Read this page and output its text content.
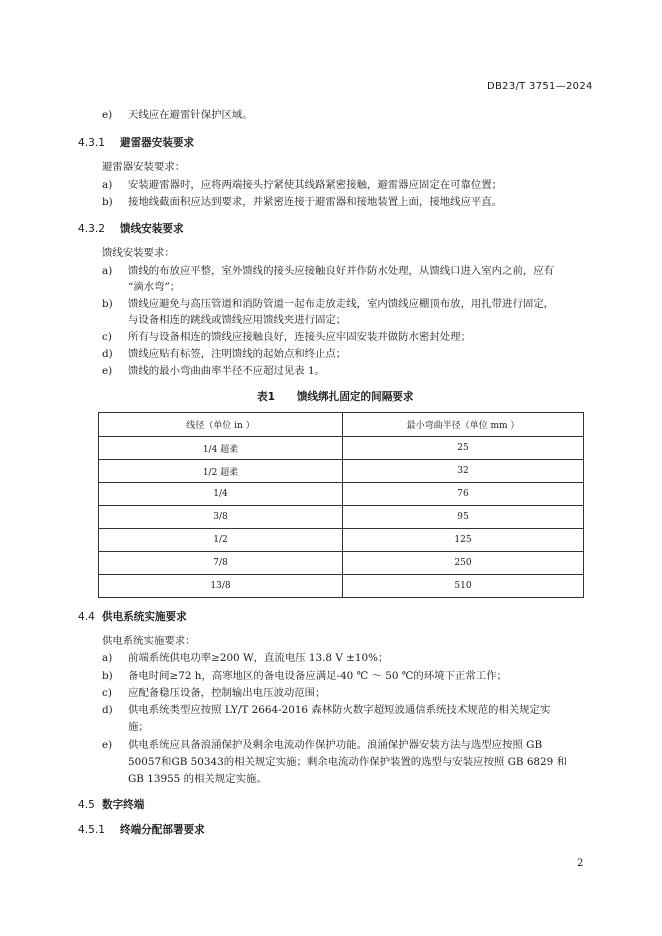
DB23/T 3751—2024
e) 天线应在避雷针保护区域。
4.3.1 避雷器安装要求
避雷器安装要求：
a) 安装避雷器时，应将两端接头拧紧使其线路紧密接触，避雷器应固定在可靠位置；
b) 接地线截面积应达到要求，并紧密连接于避雷器和接地装置上面，接地线应平直。
4.3.2 馈线安装要求
馈线安装要求：
a) 馈线的布放应平整，室外馈线的接头应接触良好并作防水处理，从馈线口进入室内之前，应有
“滴水弯”；
b) 馈线应避免与高压管道和消防管道一起布走放走线，室内馈线应棚顶布放，用扎带进行固定，
与设备相连的跳线或馈线应用馈线夹进行固定；
c) 所有与设备相连的馈线应接触良好，连接头应牢固安装并做防水密封处理；
d) 馈线应贴有标签，注明馈线的起始点和终止点；
e) 馈线的最小弯曲曲率半径不应超过见表 1。
表1 馈线绑扎固定的间隔要求
线径（单位 in ）	最小弯曲半径（单位 mm ）
1/4 超柔	25
1/2 超柔	32
1/4	76
3/8	95
1/2	125
7/8	250
13/8	510
4.4 供电系统实施要求
供电系统实施要求：
a) 前端系统供电功率≥200 W，直流电压 13.8 V ±10%；
b) 备电时间≥72 h，高寒地区的备电设备应满足-40 ℃ ～ 50 ℃的环境下正常工作；
c) 应配备稳压设备，控制输出电压波动范围；
d) 供电系统类型应按照 LY/T 2664-2016 森林防火数字超短波通信系统技术规范的相关规定实
施；
e) 供电系统应具备浪涌保护及剩余电流动作保护功能。浪涌保护器安装方法与选型应按照 GB
50057和GB 50343的相关规定实施；剩余电流动作保护装置的选型与安装应按照 GB 6829 和
GB 13955 的相关规定实施。
4.5 数字终端
4.5.1 终端分配部署要求
2
